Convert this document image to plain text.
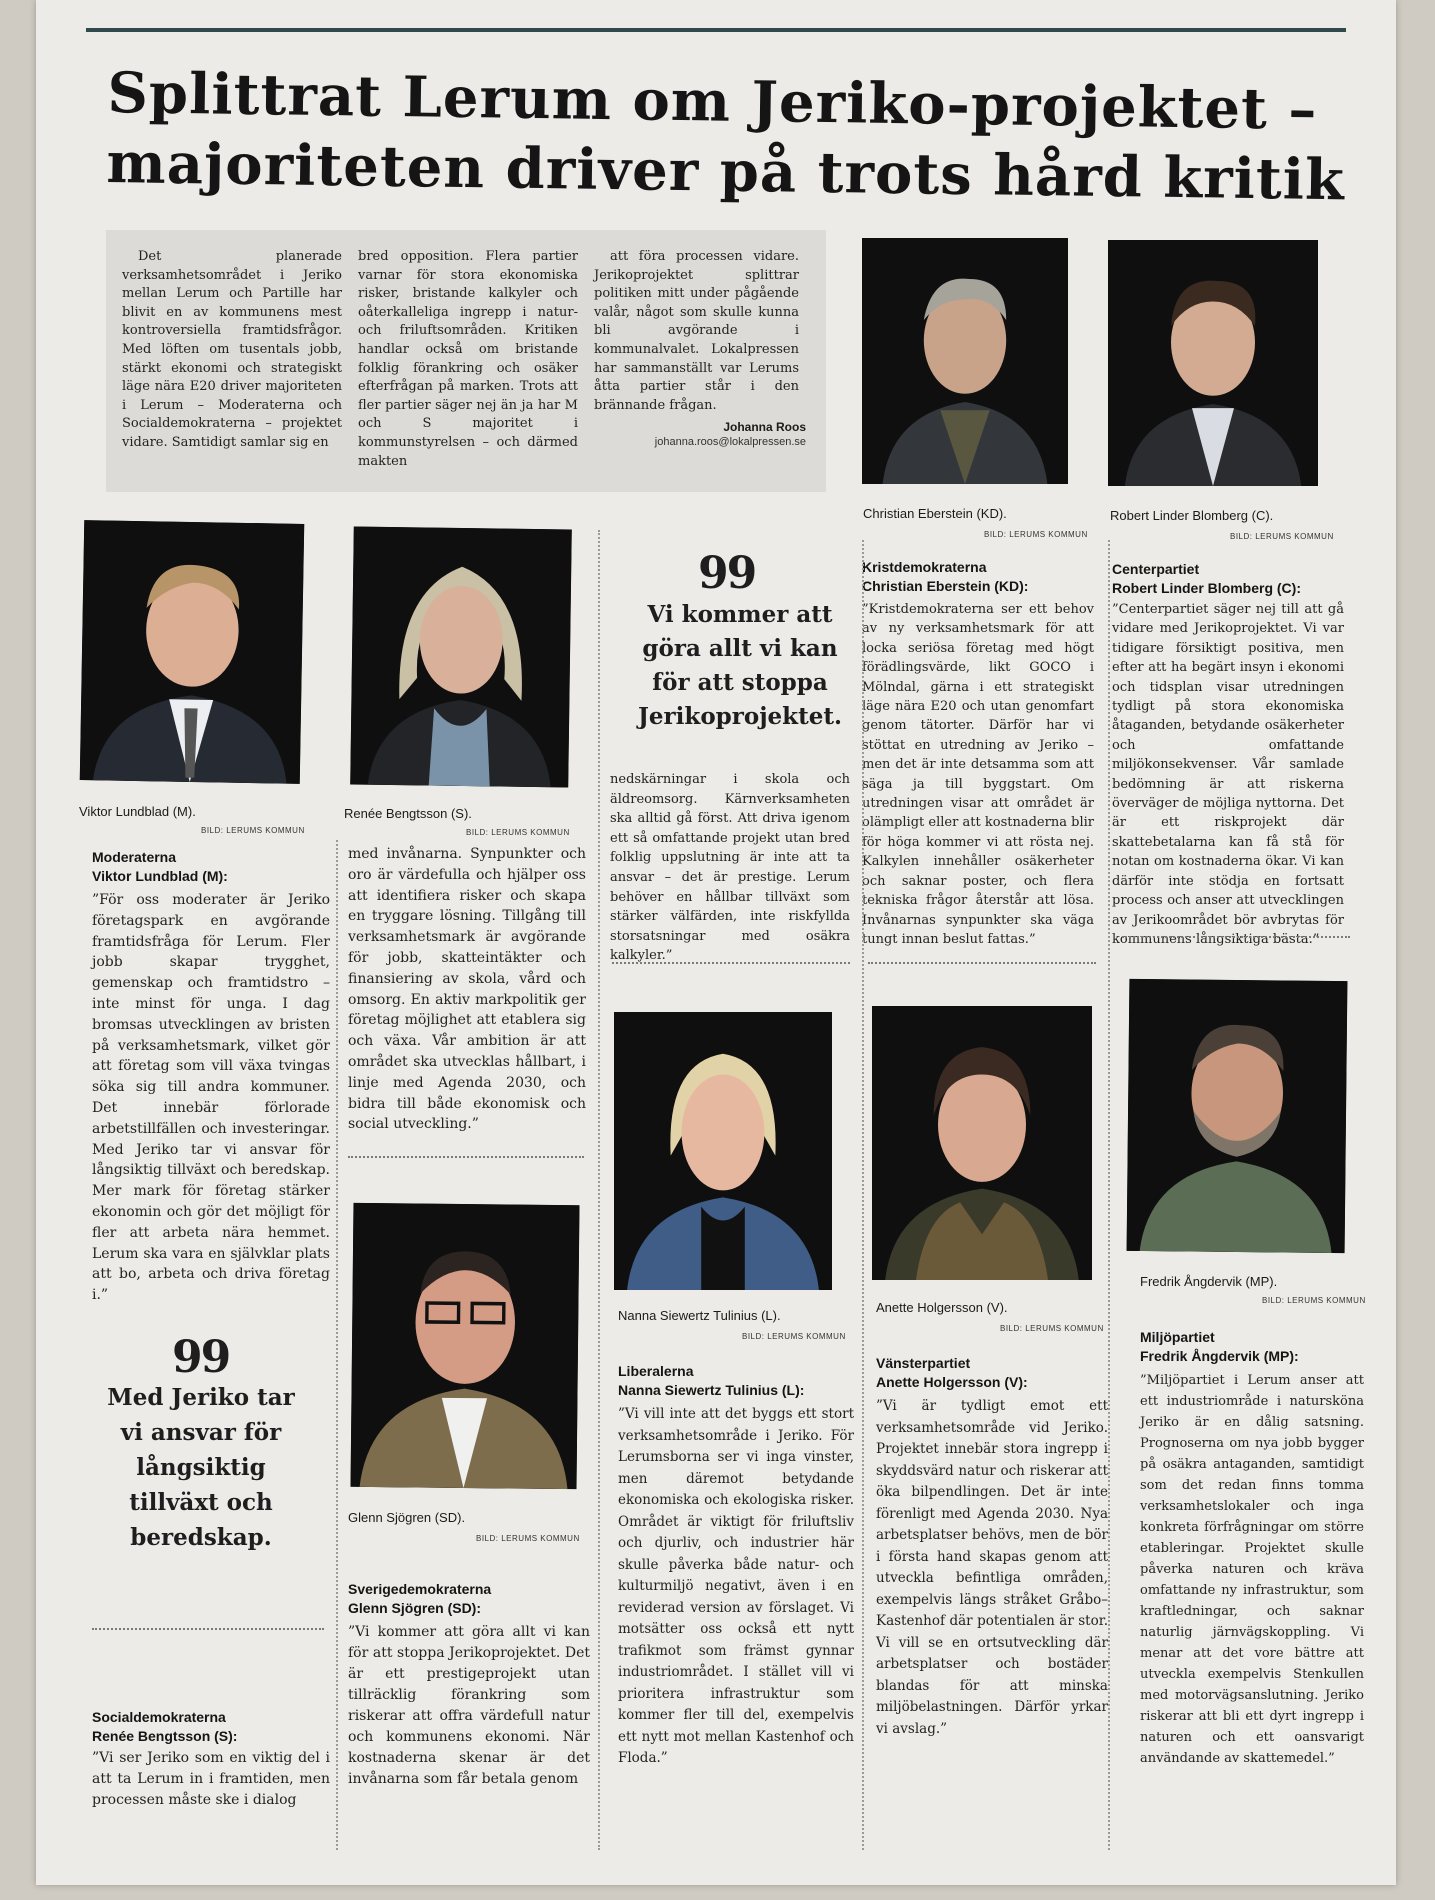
Splittrat Lerum om Jeriko-projektet –
majoriteten driver på trots hård kritik
Det planerade verksamhetsområdet i Jeriko mellan Lerum och Partille har blivit en av kommunens mest kontroversiella framtidsfrågor. Med löften om tusentals jobb, stärkt ekonomi och strategiskt läge nära E20 driver majoriteten i Lerum – Moderaterna och Socialdemokraterna – projektet vidare. Samtidigt samlar sig en
bred opposition. Flera partier varnar för stora ekonomiska risker, bristande kalkyler och oåterkalleliga ingrepp i natur- och friluftsområden. Kritiken handlar också om bristande folklig förankring och osäker efterfrågan på marken. Trots att fler partier säger nej än ja har M och S majoritet i kommunstyrelsen – och därmed makten
att föra processen vidare. Jerikoprojektet splittrar politiken mitt under pågående valår, något som skulle kunna bli avgörande i kommunalvalet. Lokalpressen har sammanställt var Lerums åtta partier står i den brännande frågan.
Johanna Roos
johanna.roos@lokalpressen.se
Christian Eberstein (KD).
BILD: LERUMS KOMMUN
Robert Linder Blomberg (C).
BILD: LERUMS KOMMUN
Viktor Lundblad (M).
BILD: LERUMS KOMMUN
Renée Bengtsson (S).
BILD: LERUMS KOMMUN
Nanna Siewertz Tulinius (L).
BILD: LERUMS KOMMUN
Anette Holgersson (V).
BILD: LERUMS KOMMUN
Fredrik Ångdervik (MP).
BILD: LERUMS KOMMUN
Glenn Sjögren (SD).
BILD: LERUMS KOMMUN
99
Vi kommer att göra allt vi kan för att stoppa Jerikoprojektet.
99
Med Jeriko tar vi ansvar för långsiktig tillväxt och beredskap.
Moderaterna
Viktor Lundblad (M):
”För oss moderater är Jeriko företagspark en avgörande framtidsfråga för Lerum. Fler jobb skapar trygghet, gemenskap och framtidstro – inte minst för unga. I dag bromsas utvecklingen av bristen på verksamhetsmark, vilket gör att företag som vill växa tvingas söka sig till andra kommuner. Det innebär förlorade arbetstillfällen och investeringar. Med Jeriko tar vi ansvar för långsiktig tillväxt och beredskap. Mer mark för företag stärker ekonomin och gör det möjligt för fler att arbeta nära hemmet. Lerum ska vara en självklar plats att bo, arbeta och driva företag i.”
med invånarna. Synpunkter och oro är värdefulla och hjälper oss att identifiera risker och skapa en tryggare lösning. Tillgång till verksamhetsmark är avgörande för jobb, skatteintäkter och finansiering av skola, vård och omsorg. En aktiv markpolitik ger företag möjlighet att etablera sig och växa. Vår ambition är att området ska utvecklas hållbart, i linje med Agenda 2030, och bidra till både ekonomisk och social utveckling.”
nedskärningar i skola och äldreomsorg. Kärnverksamheten ska alltid gå först. Att driva igenom ett så omfattande projekt utan bred folklig uppslutning är inte att ta ansvar – det är prestige. Lerum behöver en hållbar tillväxt som stärker välfärden, inte riskfyllda storsatsningar med osäkra kalkyler.”
Socialdemokraterna
Renée Bengtsson (S):
”Vi ser Jeriko som en viktig del i att ta Lerum in i framtiden, men processen måste ske i dialog
Sverigedemokraterna
Glenn Sjögren (SD):
”Vi kommer att göra allt vi kan för att stoppa Jerikoprojektet. Det är ett prestigeprojekt utan tillräcklig förankring som riskerar att offra värdefull natur och kommunens ekonomi. När kostnaderna skenar är det invånarna som får betala genom
Kristdemokraterna
Christian Eberstein (KD):
”Kristdemokraterna ser ett behov av ny verksamhetsmark för att locka seriösa företag med högt förädlingsvärde, likt GOCO i Mölndal, gärna i ett strategiskt läge nära E20 och utan genomfart genom tätorter. Därför har vi stöttat en utredning av Jeriko – men det är inte detsamma som att säga ja till byggstart. Om utredningen visar att området är olämpligt eller att kostnaderna blir för höga kommer vi att rösta nej. Kalkylen innehåller osäkerheter och saknar poster, och flera tekniska frågor återstår att lösa. Invånarnas synpunkter ska väga tungt innan beslut fattas.”
Centerpartiet
Robert Linder Blomberg (C):
”Centerpartiet säger nej till att gå vidare med Jerikoprojektet. Vi var tidigare försiktigt positiva, men efter att ha begärt insyn i ekonomi och tidsplan visar utredningen tydligt på stora ekonomiska åtaganden, betydande osäkerheter och omfattande miljökonsekvenser. Vår samlade bedömning är att riskerna överväger de möjliga nyttorna. Det är ett riskprojekt där skattebetalarna kan få stå för notan om kostnaderna ökar. Vi kan därför inte stödja en fortsatt process och anser att utvecklingen av Jerikoområdet bör avbrytas för kommunens långsiktiga bästa.”
Liberalerna
Nanna Siewertz Tulinius (L):
”Vi vill inte att det byggs ett stort verksamhetsområde i Jeriko. För Lerumsborna ser vi inga vinster, men däremot betydande ekonomiska och ekologiska risker. Området är viktigt för friluftsliv och djurliv, och industrier här skulle påverka både natur- och kulturmiljö negativt, även i en reviderad version av förslaget. Vi motsätter oss också ett nytt trafikmot som främst gynnar industriområdet. I stället vill vi prioritera infrastruktur som kommer fler till del, exempelvis ett nytt mot mellan Kastenhof och Floda.”
Vänsterpartiet
Anette Holgersson (V):
”Vi är tydligt emot ett verksamhetsområde vid Jeriko. Projektet innebär stora ingrepp i skyddsvärd natur och riskerar att öka bilpendlingen. Det är inte förenligt med Agenda 2030. Nya arbetsplatser behövs, men de bör i första hand skapas genom att utveckla befintliga områden, exempelvis längs stråket Gråbo–Kastenhof där potentialen är stor. Vi vill se en ortsutveckling där arbetsplatser och bostäder blandas för att minska miljöbelastningen. Därför yrkar vi avslag.”
Miljöpartiet
Fredrik Ångdervik (MP):
”Miljöpartiet i Lerum anser att ett industriområde i natursköna Jeriko är en dålig satsning. Prognoserna om nya jobb bygger på osäkra antaganden, samtidigt som det redan finns tomma verksamhetslokaler och inga konkreta förfrågningar om större etableringar. Projektet skulle påverka naturen och kräva omfattande ny infrastruktur, som kraftledningar, och saknar naturlig järnvägskoppling. Vi menar att det vore bättre att utveckla exempelvis Stenkullen med motorvägsanslutning. Jeriko riskerar att bli ett dyrt ingrepp i naturen och ett oansvarigt användande av skattemedel.”
